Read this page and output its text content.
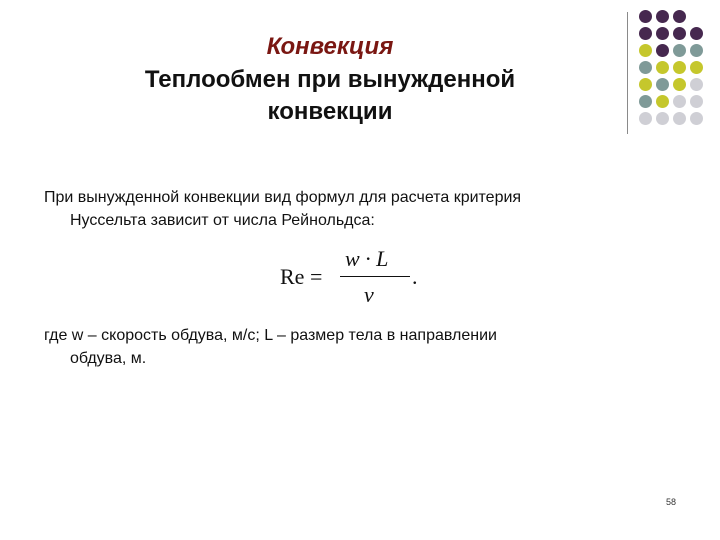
Конвекция
Теплообмен при вынужденной
конвекции
При вынужденной конвекции вид формул для расчета критерия
Нуссельта зависит от числа Рейнольдса:
Re =
w · L
ν
.
где w – скорость обдува, м/с; L – размер тела в направлении
обдува, м.
58
